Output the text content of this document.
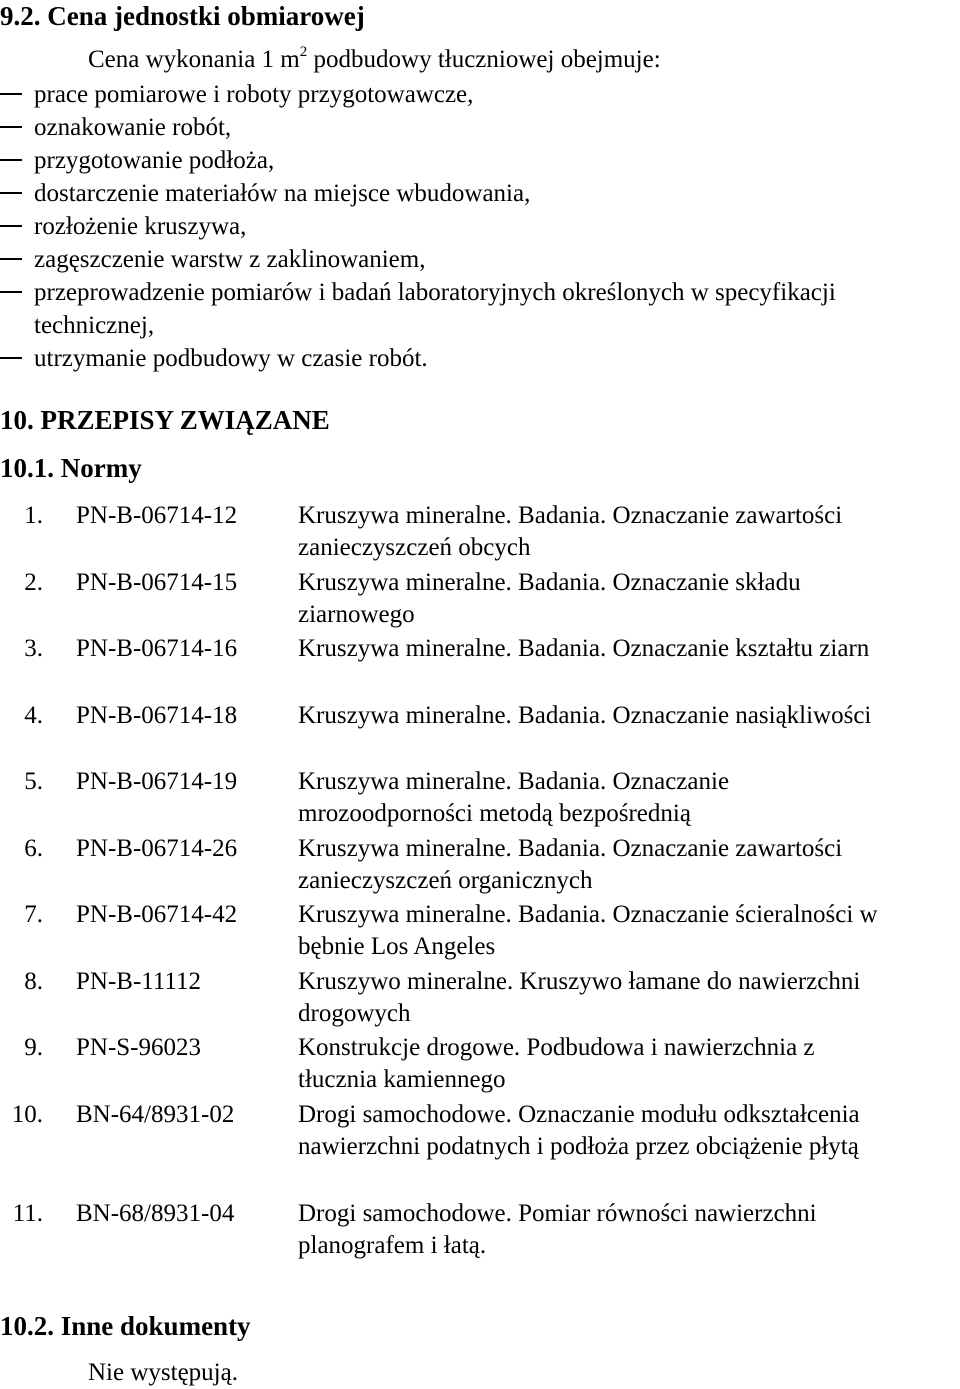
9.2. Cena jednostki obmiarowej

Cena wykonania 1 $m^2$ podbudowy tłuczniowej obejmuje:

prace pomiarowe i roboty przygotowawcze,
oznakowanie robót,
przygotowanie podłoża,
dostarczenie materiałów na miejsce wbudowania,
rozłożenie kruszywa,
zagęszczenie warstw z zaklinowaniem,
przeprowadzenie pomiarów i badań laboratoryjnych określonych w specyfikacji technicznej,
utrzymanie podbudowy w czasie robót.
10. PRZEPISY ZWIĄZANE
10.1. Normy
1. PN-B-06714-12 Kruszywa mineralne. Badania. Oznaczanie zawartości zanieczyszczeń obcych
2. PN-B-06714-15 Kruszywa mineralne. Badania. Oznaczanie składu ziarnowego
3. PN-B-06714-16 Kruszywa mineralne. Badania. Oznaczanie kształtu ziarn
4. PN-B-06714-18 Kruszywa mineralne. Badania. Oznaczanie nasiąkliwości
5. PN-B-06714-19 Kruszywa mineralne. Badania. Oznaczanie mrozoodporności metodą bezpośrednią
6. PN-B-06714-26 Kruszywa mineralne. Badania. Oznaczanie zawartości zanieczyszczeń organicznych
7. PN-B-06714-42 Kruszywa mineralne. Badania. Oznaczanie ścieralności w bębnie Los Angeles
8. PN-B-11112	Kruszywo mineralne. Kruszywo łamane do nawierzchni drogowych
9. PN-S-96023	Konstrukcje drogowe. Podbudowa i nawierzchnia z tłucznia kamiennego
10. BN-64/8931-02	Drogi samochodowe. Oznaczanie modułu odkształcenia nawierzchni podatnych i podłoża przez obciążenie płytą
11. BN-68/8931-04	Drogi samochodowe. Pomiar równości nawierzchni planografem i łatą.
10.2. Inne dokumenty

Nie występują.
